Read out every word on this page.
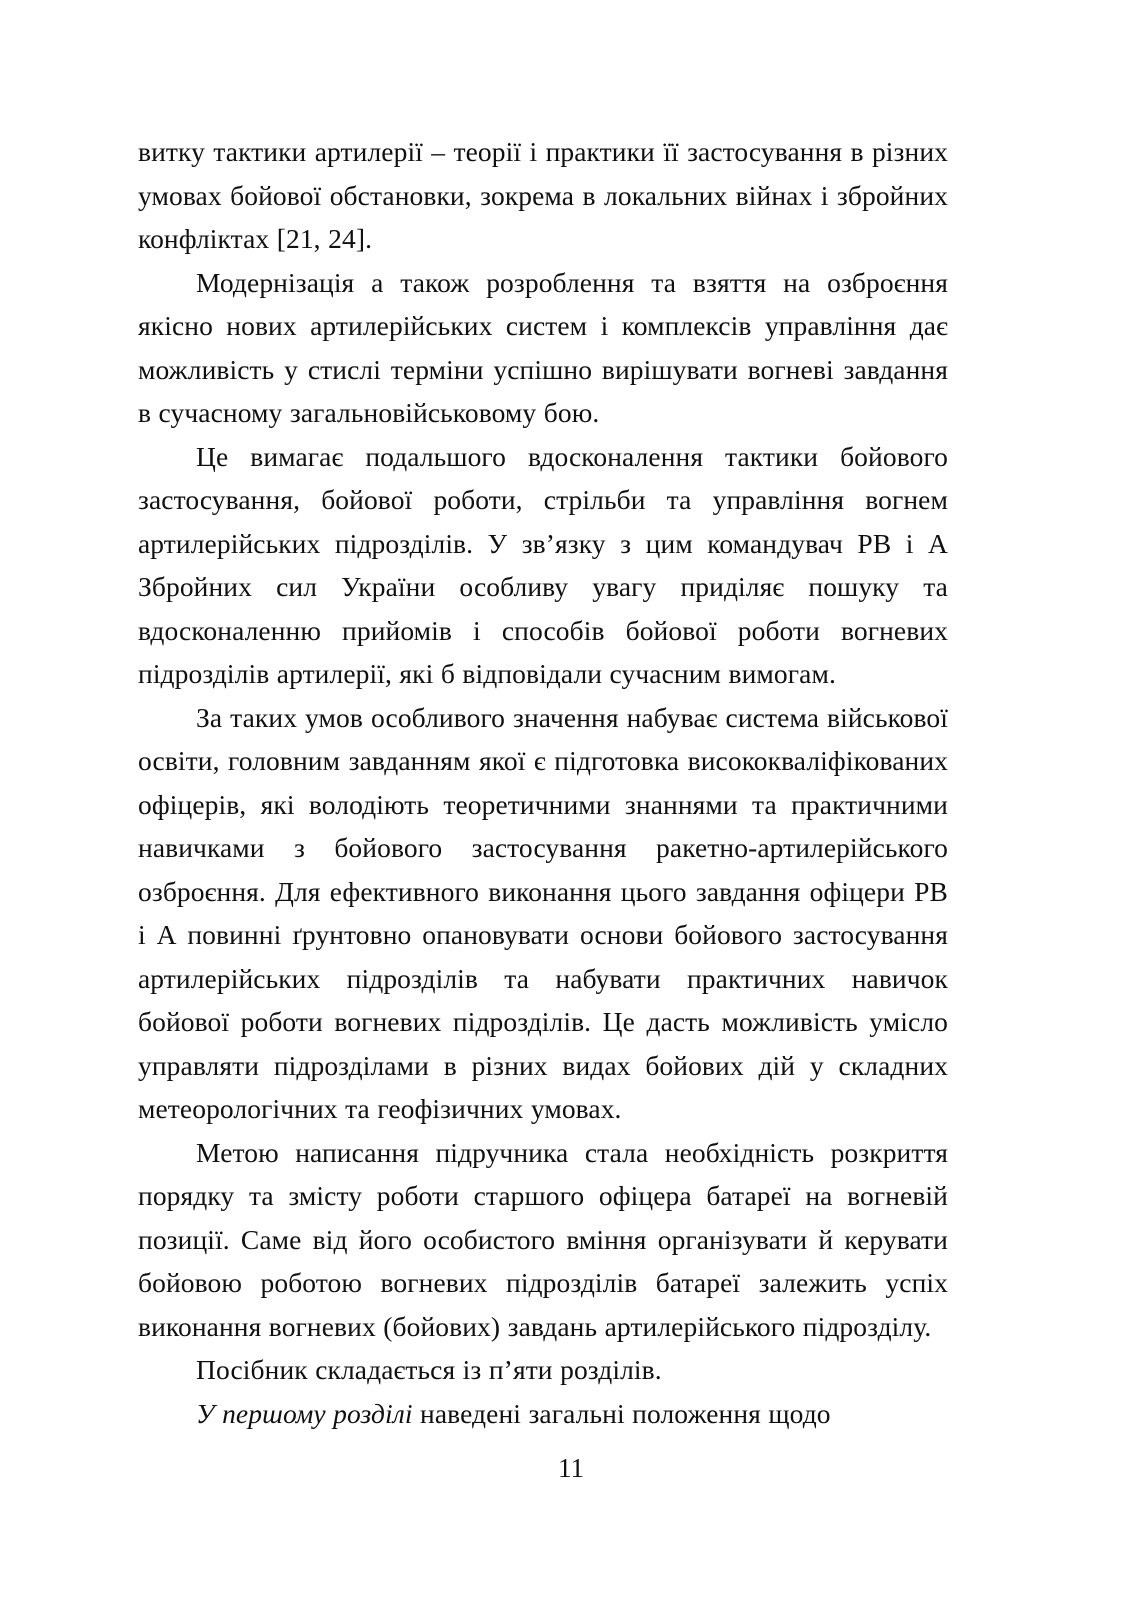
витку тактики артилерії – теорії і практики її застосування в різних умовах бойової обстановки, зокрема в локальних війнах і збройних конфліктах [21, 24].

Модернізація а також розроблення та взяття на озброєння якісно нових артилерійських систем і комплексів управління дає можливість у стислі терміни успішно вирішувати вогневі завдання в сучасному загальновійськовому бою.

Це вимагає подальшого вдосконалення тактики бойового застосування, бойової роботи, стрільби та управління вогнем артилерійських підрозділів. У зв’язку з цим командувач РВ і А Збройних сил України особливу увагу приділяє пошуку та вдосконаленню прийомів і способів бойової роботи вогневих підрозділів артилерії, які б відповідали сучасним вимогам.

За таких умов особливого значення набуває система військової освіти, головним завданням якої є підготовка висококваліфікованих офіцерів, які володіють теоретичними знаннями та практичними навичками з бойового застосування ракетно-артилерійського озброєння. Для ефективного виконання цього завдання офіцери РВ і А повинні ґрунтовно опановувати основи бойового застосування артилерійських підрозділів та набувати практичних навичок бойової роботи вогневих підрозділів. Це дасть можливість умісло управляти підрозділами в різних видах бойових дій у складних метеорологічних та геофізичних умовах.

Метою написання підручника стала необхідність розкриття порядку та змісту роботи старшого офіцера батареї на вогневій позиції. Саме від його особистого вміння організувати й керувати бойовою роботою вогневих підрозділів батареї залежить успіх виконання вогневих (бойових) завдань артилерійського підрозділу.

Посібник складається із п’яти розділів.

У першому розділі наведені загальні положення щодо

11
